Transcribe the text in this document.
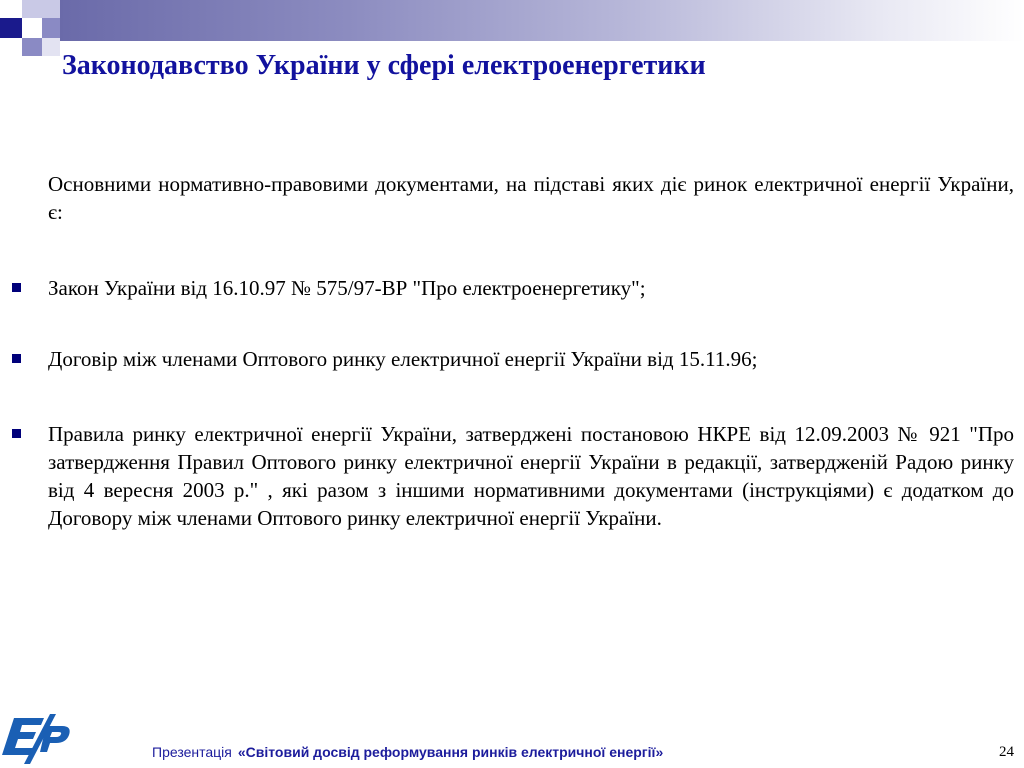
Законодавство України у сфері електроенергетики

Основними нормативно-правовими документами, на підставі яких діє ринок електричної енергії України, є:

Закон України від 16.10.97 № 575/97-ВР "Про електроенергетику";

Договір між членами Оптового ринку електричної енергії України від 15.11.96;

Правила ринку електричної енергії України, затверджені постановою НКРЕ від 12.09.2003 № 921 "Про затвердження Правил Оптового ринку електричної енергії України в редакції, затвердженій Радою ринку від 4 вересня 2003 р." , які разом з іншими нормативними документами (інструкціями) є додатком до Договору між членами Оптового ринку електричної енергії України.

Презентація «Світовий досвід реформування ринків електричної енергії»	24
